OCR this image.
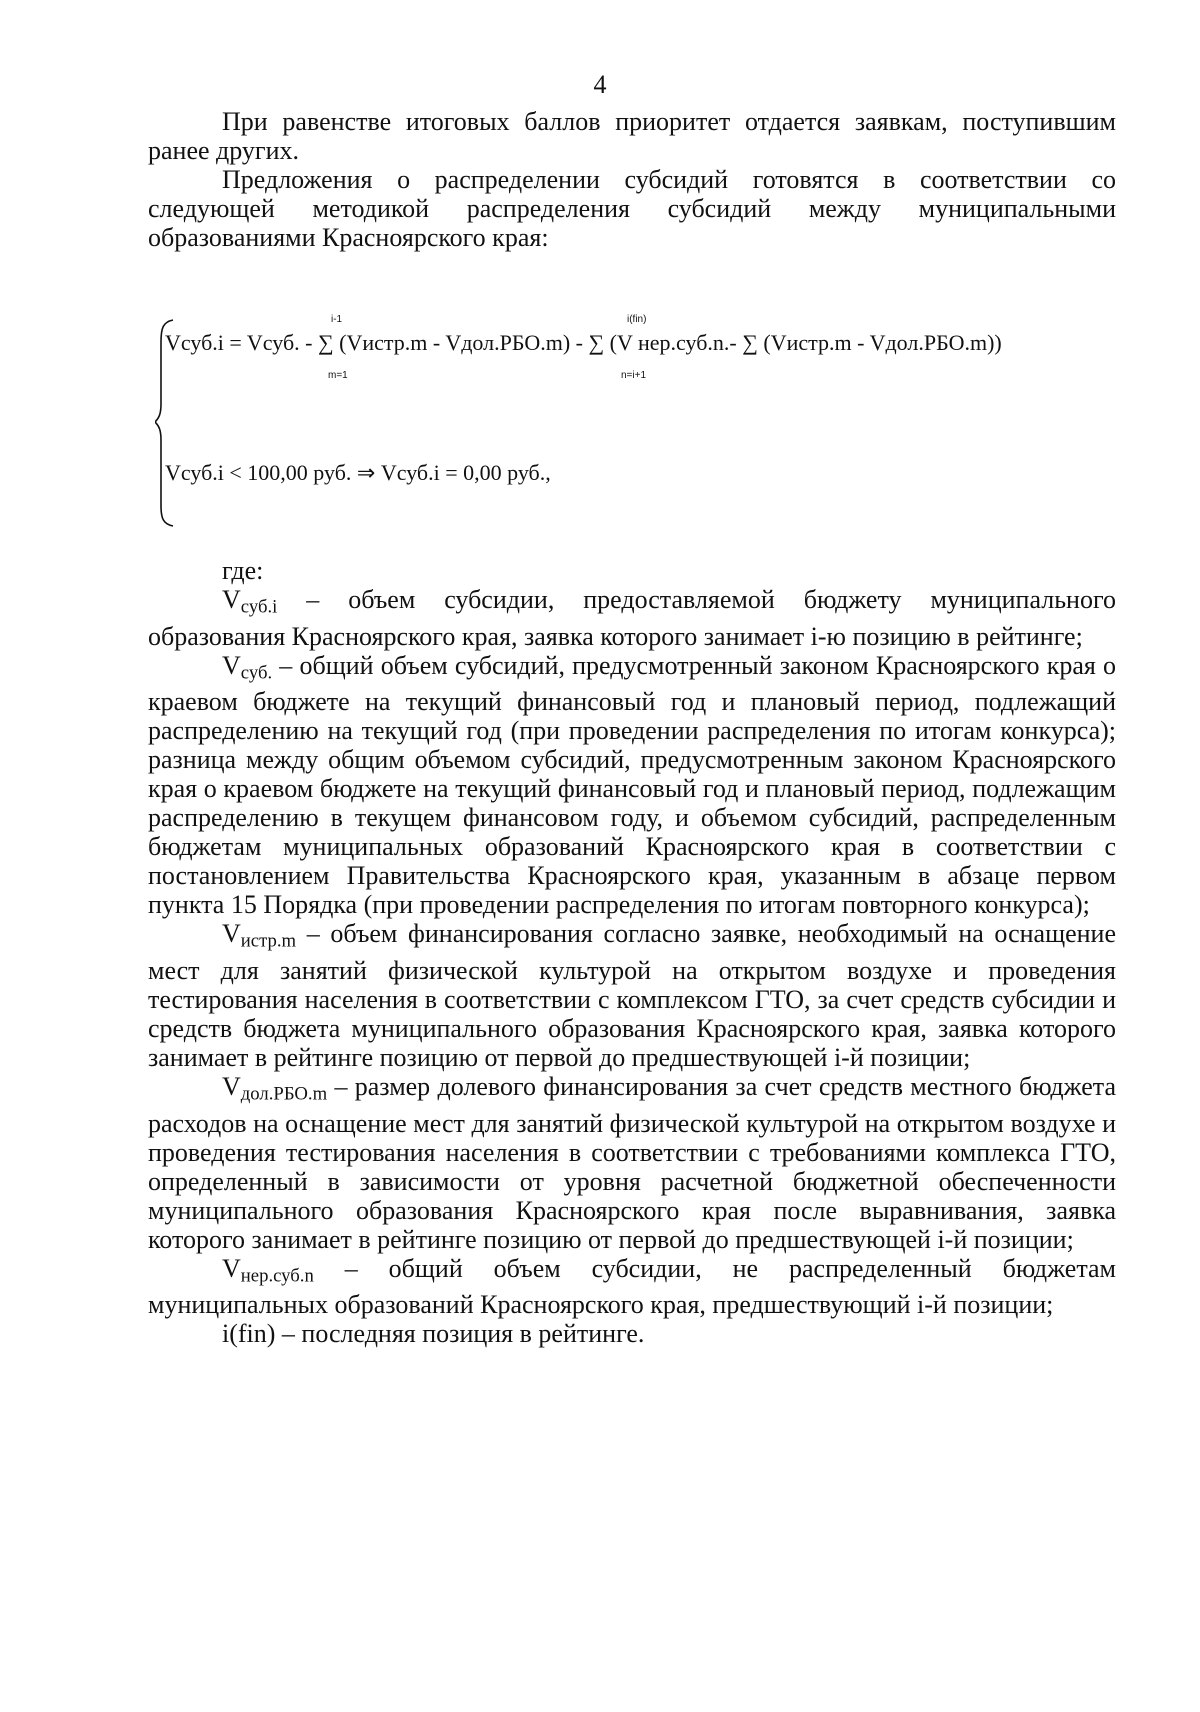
4

При равенстве итоговых баллов приоритет отдается заявкам, поступившим ранее других.

Предложения о распределении субсидий готовятся в соответствии со следующей методикой распределения субсидий между муниципальными образованиями Красноярского края:

i-1
m=1
i(fin)
n=i+1
Vсуб.i = Vсуб. - ∑ (Vистр.m - Vдол.РБО.m) - ∑ (V нер.суб.n.- ∑ (Vистр.m - Vдол.РБО.m))
Vсуб.i < 100,00 руб. ⇒ Vсуб.i = 0,00 руб.,

где:

$V_{суб.i}$ – объем субсидии, предоставляемой бюджету муниципального образования Красноярского края, заявка которого занимает i-ю позицию в рейтинге;

$V_{суб.}$ – общий объем субсидий, предусмотренный законом Красноярского края о краевом бюджете на текущий финансовый год и плановый период, подлежащий распределению на текущий год (при проведении распределения по итогам конкурса); разница между общим объемом субсидий, предусмотренным законом Красноярского края о краевом бюджете на текущий финансовый год и плановый период, подлежащим распределению в текущем финансовом году, и объемом субсидий, распределенным бюджетам муниципальных образований Красноярского края в соответствии с постановлением Правительства Красноярского края, указанным в абзаце первом пункта 15 Порядка (при проведении распределения по итогам повторного конкурса);

$V_{истр.m}$ – объем финансирования согласно заявке, необходимый на оснащение мест для занятий физической культурой на открытом воздухе и проведения тестирования населения в соответствии с комплексом ГТО, за счет средств субсидии и средств бюджета муниципального образования Красноярского края, заявка которого занимает в рейтинге позицию от первой до предшествующей i-й позиции;

$V_{дол.РБО.m}$ – размер долевого финансирования за счет средств местного бюджета расходов на оснащение мест для занятий физической культурой на открытом воздухе и проведения тестирования населения в соответствии с требованиями комплекса ГТО, определенный в зависимости от уровня расчетной бюджетной обеспеченности муниципального образования Красноярского края после выравнивания, заявка которого занимает в рейтинге позицию от первой до предшествующей i-й позиции;

$V_{нер.суб.n}$ – общий объем субсидии, не распределенный бюджетам муниципальных образований Красноярского края, предшествующий i-й позиции;

i(fin) – последняя позиция в рейтинге.
